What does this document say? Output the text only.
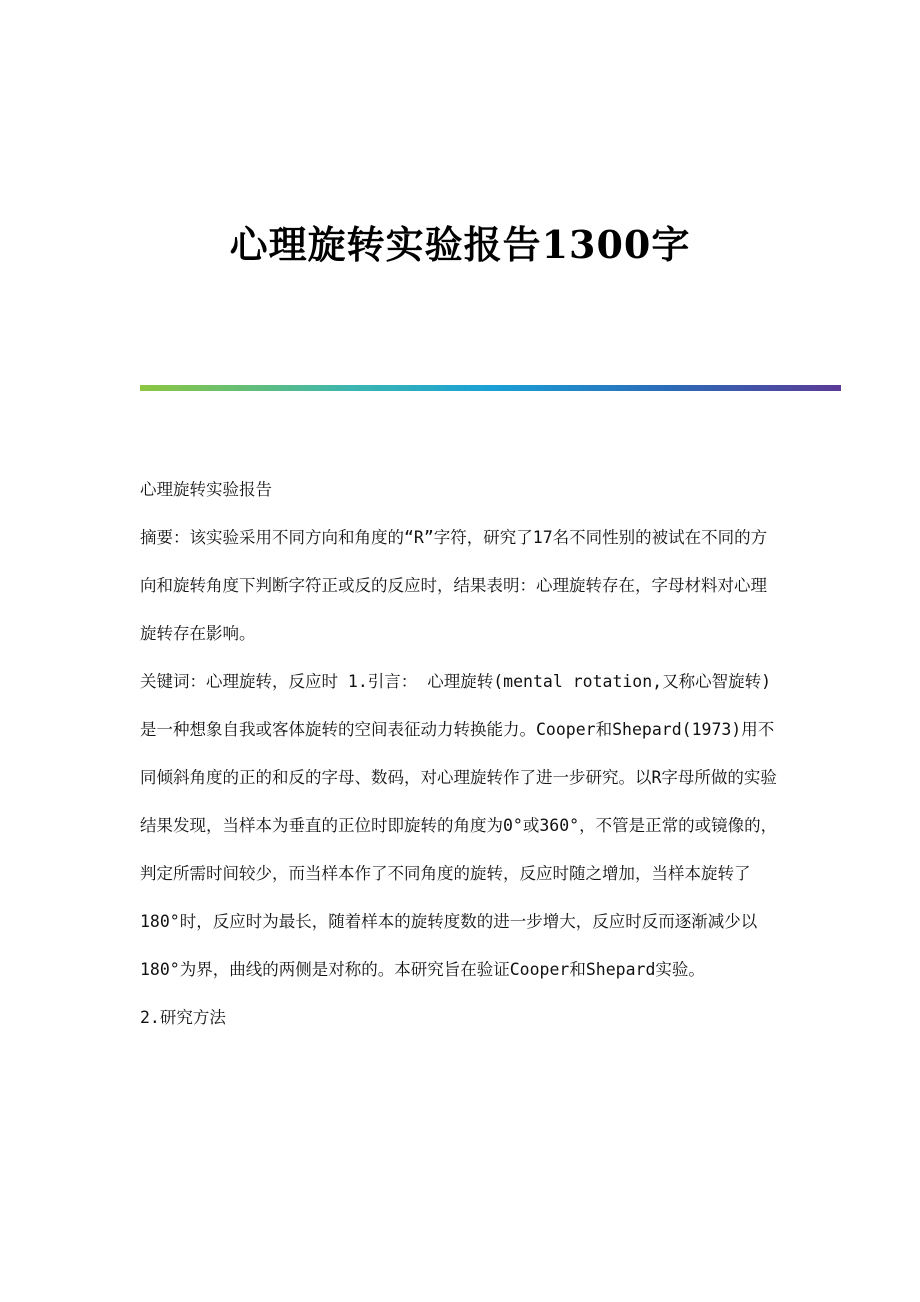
心理旋转实验报告1300字

心理旋转实验报告

摘要：该实验采用不同方向和角度的“R”字符，研究了17名不同性别的被试在不同的方向和旋转角度下判断字符正或反的反应时，结果表明：心理旋转存在，字母材料对心理旋转存在影响。

关键词：心理旋转，反应时 1.引言： 心理旋转(mental rotation,又称心智旋转)是一种想象自我或客体旋转的空间表征动力转换能力。Cooper和Shepard(1973)用不同倾斜角度的正的和反的字母、数码，对心理旋转作了进一步研究。以R字母所做的实验结果发现，当样本为垂直的正位时即旋转的角度为0°或360°，不管是正常的或镜像的，判定所需时间较少，而当样本作了不同角度的旋转，反应时随之增加，当样本旋转了180°时，反应时为最长，随着样本的旋转度数的进一步增大，反应时反而逐渐减少以180°为界，曲线的两侧是对称的。本研究旨在验证Cooper和Shepard实验。

2.研究方法
